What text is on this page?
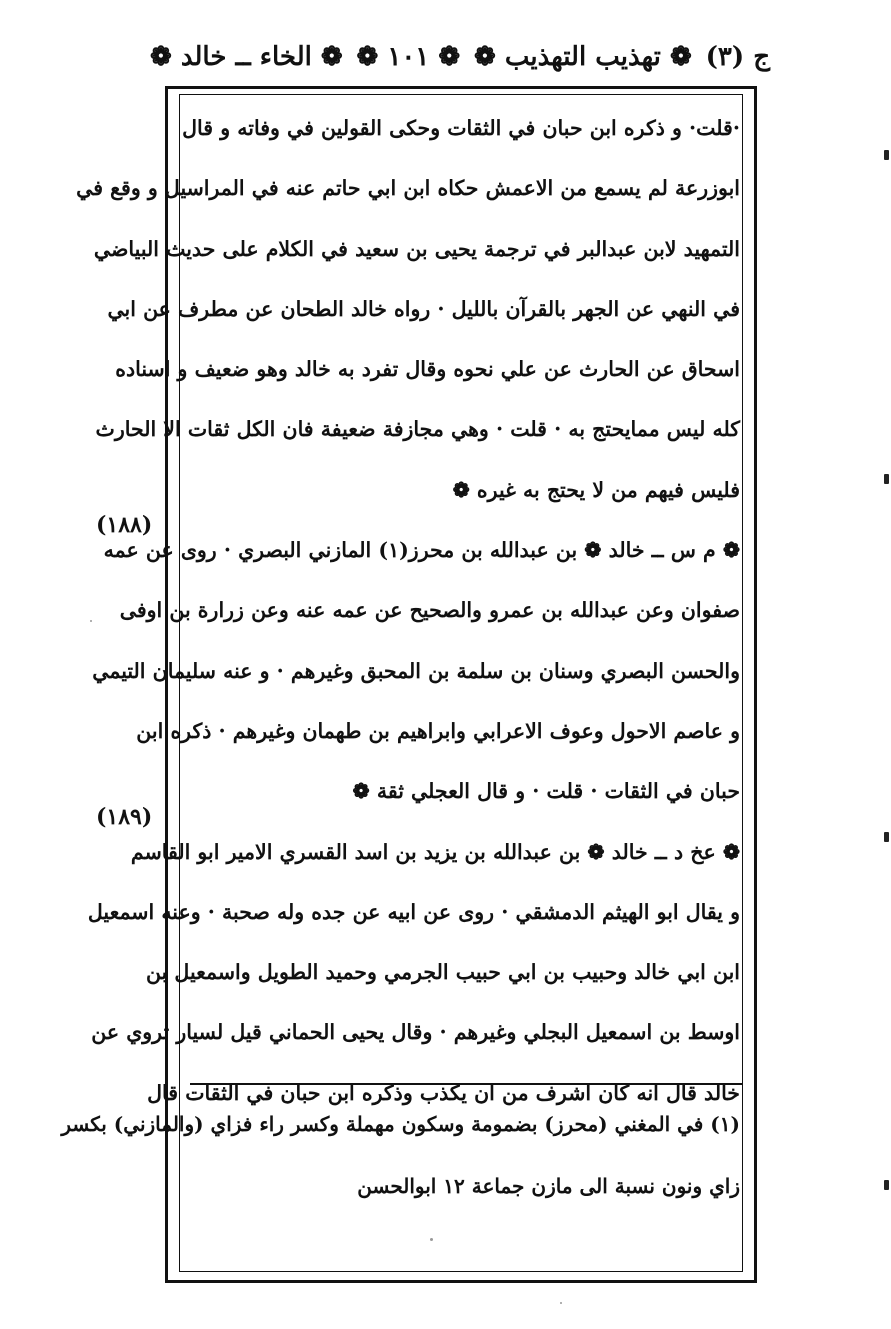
ج (٣)
❁ تهذيب التهذيب ❁
❁ ١٠١ ❁
❁ الخاء ــ خالد ❁
(١٨٨)
(١٨٩)
·قلت· و ذكره ابن حبان في الثقات وحكى القولين في وفاته و قال
ابوزرعة لم يسمع من الاعمش حكاه ابن ابي حاتم عنه في المراسيل و وقع في
التمهيد لابن عبدالبر في ترجمة يحيى بن سعيد في الكلام على حديث البياضي
في النهي عن الجهر بالقرآن بالليل · رواه خالد الطحان عن مطرف عن ابي
اسحاق عن الحارث عن علي نحوه وقال تفرد به خالد وهو ضعيف و اسناده
كله ليس ممايحتج به · قلت · وهي مجازفة ضعيفة فان الكل ثقات الا الحارث
فليس فيهم من لا يحتج به غيره ❁
❁ م س ــ خالد ❁ بن عبدالله بن محرز(١) المازني البصري · روى عن عمه
صفوان وعن عبدالله بن عمرو والصحيح عن عمه عنه وعن زرارة بن اوفى
والحسن البصري وسنان بن سلمة بن المحبق وغيرهم · و عنه سليمان التيمي
و عاصم الاحول وعوف الاعرابي وابراهيم بن طهمان وغيرهم · ذكره ابن
حبان في الثقات · قلت · و قال العجلي ثقة ❁
❁ عخ د ــ خالد ❁ بن عبدالله بن يزيد بن اسد القسري الامير ابو القاسم
و يقال ابو الهيثم الدمشقي · روى عن ابيه عن جده وله صحبة · وعنه اسمعيل
ابن ابي خالد وحبيب بن ابي حبيب الجرمي وحميد الطويل واسمعيل بن
اوسط بن اسمعيل البجلي وغيرهم · وقال يحيى الحماني قيل لسيار تروي عن
خالد قال انه كان اشرف من ان يكذب وذكره ابن حبان في الثقات قال
(١) في المغني (محرز) بضمومة وسكون مهملة وكسر راء فزاي (والمازني) بكسر
زاي ونون نسبة الى مازن جماعة ١٢ ابوالحسن
